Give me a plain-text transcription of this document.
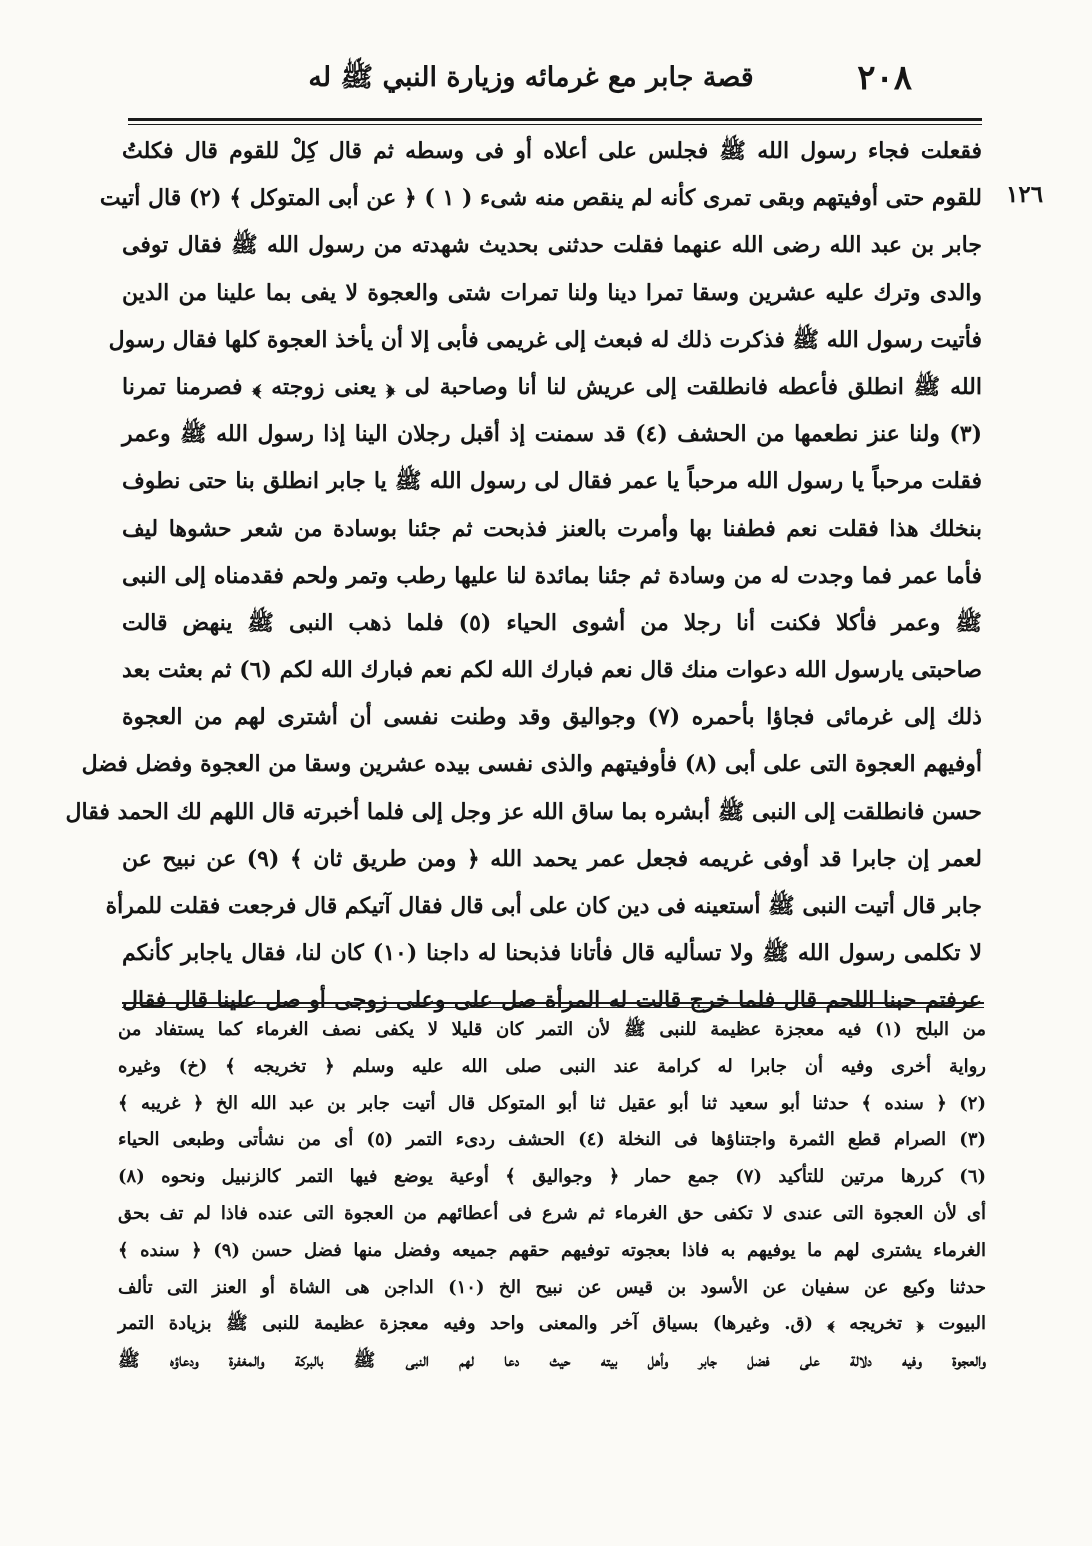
٢٠٨
قصة جابر مع غرمائه وزيارة النبي ﷺ له
١٢٦
فقعلت فجاء رسول الله ﷺ فجلس على أعلاه أو فى وسطه ثم قال كِلْ للقوم قال فكلتُ
للقوم حتى أوفيتهم وبقى تمرى كأنه لم ينقص منه شىء ( ١ ) ﴿ عن أبى المتوكل ﴾ (٢) قال أتيت
جابر بن عبد الله رضى الله عنهما فقلت حدثنى بحديث شهدته من رسول الله ﷺ فقال توفى
والدى وترك عليه عشرين وسقا تمرا دينا ولنا تمرات شتى والعجوة لا يفى بما علينا من الدين
فأتيت رسول الله ﷺ فذكرت ذلك له فبعث إلى غريمى فأبى إلا أن يأخذ العجوة كلها فقال رسول
الله ﷺ انطلق فأعطه فانطلقت إلى عريش لنا أنا وصاحبة لى ﴿ يعنى زوجته ﴾ فصرمنا تمرنا
(٣) ولنا عنز نطعمها من الحشف (٤) قد سمنت إذ أقبل رجلان الينا إذا رسول الله ﷺ وعمر
فقلت مرحباً يا رسول الله مرحباً يا عمر فقال لى رسول الله ﷺ يا جابر انطلق بنا حتى نطوف
بنخلك هذا فقلت نعم فطفنا بها وأمرت بالعنز فذبحت ثم جئنا بوسادة من شعر حشوها ليف
فأما عمر فما وجدت له من وسادة ثم جئنا بمائدة لنا عليها رطب وتمر ولحم فقدمناه إلى النبى
ﷺ وعمر فأكلا فكنت أنا رجلا من أشوى الحياء (٥) فلما ذهب النبى ﷺ ينهض قالت
صاحبتى يارسول الله دعوات منك قال نعم فبارك الله لكم نعم فبارك الله لكم (٦) ثم بعثت بعد
ذلك إلى غرمائى فجاؤا بأحمره (٧) وجواليق وقد وطنت نفسى أن أشترى لهم من العجوة
أوفيهم العجوة التى على أبى (٨) فأوفيتهم والذى نفسى بيده عشرين وسقا من العجوة وفضل فضل
حسن فانطلقت إلى النبى ﷺ أبشره بما ساق الله عز وجل إلى فلما أخبرته قال اللهم لك الحمد فقال
لعمر إن جابرا قد أوفى غريمه فجعل عمر يحمد الله ﴿ ومن طريق ثان ﴾ (٩) عن نبيح عن
جابر قال أتيت النبى ﷺ أستعينه فى دين كان على أبى قال فقال آتيكم قال فرجعت فقلت للمرأة
لا تكلمى رسول الله ﷺ ولا تسأليه قال فأتانا فذبحنا له داجنا (١٠) كان لنا، فقال ياجابر كأنكم
عرفتم حبنا اللحم قال فلما خرج قالت له المرأة صل على وعلى زوجى أو صل علينا قال فقال
من البلح (١) فيه معجزة عظيمة للنبى ﷺ لأن التمر كان قليلا لا يكفى نصف الغرماء كما يستفاد من
رواية أخرى وفيه أن جابرا له كرامة عند النبى صلى الله عليه وسلم ﴿ تخريجه ﴾ (خ) وغيره
(٢) ﴿ سنده ﴾ حدثنا أبو سعيد ثنا أبو عقيل ثنا أبو المتوكل قال أتيت جابر بن عبد الله الخ ﴿ غريبه ﴾
(٣) الصرام قطع الثمرة واجتناؤها فى النخلة (٤) الحشف ردىء التمر (٥) أى من نشأتى وطبعى الحياء
(٦) كررها مرتين للتأكيد (٧) جمع حمار ﴿ وجواليق ﴾ أوعية يوضع فيها التمر كالزنبيل ونحوه (٨)
أى لأن العجوة التى عندى لا تكفى حق الغرماء ثم شرع فى أعطائهم من العجوة التى عنده فاذا لم تف بحق
الغرماء يشترى لهم ما يوفيهم به فاذا بعجوته توفيهم حقهم جميعه وفضل منها فضل حسن (٩) ﴿ سنده ﴾
حدثنا وكيع عن سفيان عن الأسود بن قيس عن نبيح الخ (١٠) الداجن هى الشاة أو العنز التى تألف
البيوت ﴿ تخريجه ﴾ (ق. وغيرها) بسياق آخر والمعنى واحد وفيه معجزة عظيمة للنبى ﷺ بزيادة التمر
والعجوة وفيه دلالة على فضل جابر وأهل بيته حيث دعا لهم النبى ﷺ بالبركة والمغفرة ودعاؤه ﷺ
